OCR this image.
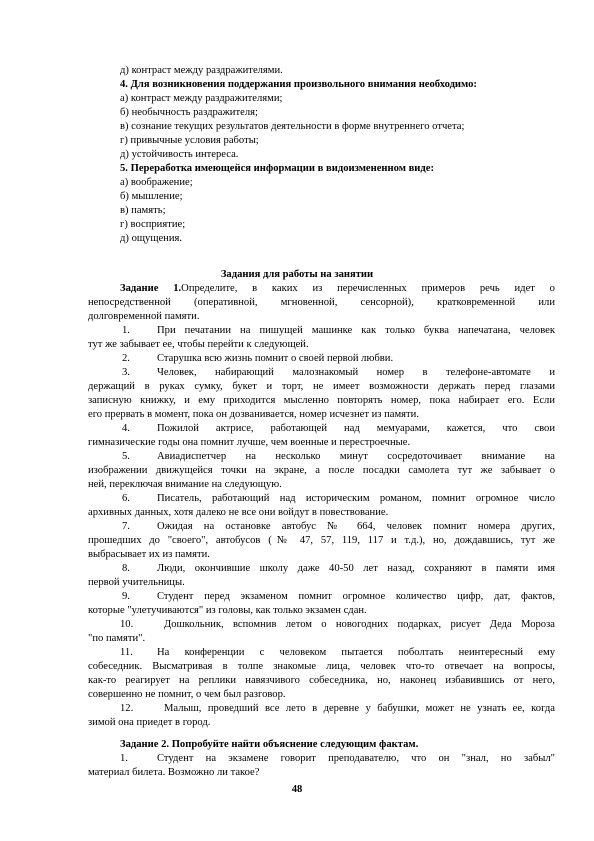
д) контраст между раздражителями.
4. Для возникновения поддержания произвольного внимания необходимо:
а) контраст между раздражителями;
б) необычность раздражителя;
в) сознание текущих результатов деятельности в форме внутреннего отчета;
г) привычные условия работы;
д) устойчивость интереса.
5. Переработка имеющейся информации в видоизмененном виде:
а) воображение;
б) мышление;
в) память;
г) восприятие;
д) ощущения.
Задания для работы на занятии
Задание 1.Определите, в каких из перечисленных примеров речь идет о
непосредственной (оперативной, мгновенной, сенсорной), кратковременной или
долговременной памяти.
1.	При печатании на пишущей машинке как только буква напечатана, человек
тут же забывает ее, чтобы перейти к следующей.
2.	Старушка всю жизнь помнит о своей первой любви.
3.	Человек, набирающий малознакомый номер в телефоне-автомате и
держащий в руках сумку, букет и торт, не имеет возможности держать перед глазами
записную книжку, и ему приходится мысленно повторять номер, пока набирает его. Если
его прервать в момент, пока он дозванивается, номер исчезнет из памяти.
4.	Пожилой актрисе, работающей над мемуарами, кажется, что свои
гимназические годы она помнит лучше, чем военные и перестроечные.
5.	Авиадиспетчер на несколько минут сосредоточивает внимание на
изображении движущейся точки на экране, а после посадки самолета тут же забывает о
ней, переключая внимание на следующую.
6.	Писатель, работающий над историческим романом, помнит огромное число
архивных данных, хотя далеко не все они войдут в повествование.
7.	Ожидая на остановке автобус № 664, человек помнит номера других,
прошедших до "своего", автобусов (№ 47, 57, 119, 117 и т.д.), но, дождавшись, тут же
выбрасывает их из памяти.
8.	Люди, окончившие школу даже 40-50 лет назад, сохраняют в памяти имя
первой учительницы.
9.	Студент перед экзаменом помнит огромное количество цифр, дат, фактов,
которые "улетучиваются" из головы, как только экзамен сдан.
10.	Дошкольник, вспомнив летом о новогодних подарках, рисует Деда Мороза
"по памяти".
11. На конференции с человеком пытается поболтать неинтересный ему
собеседник. Высматривая в толпе знакомые лица, человек что-то отвечает на вопросы,
как-то реагирует на реплики навязчивого собеседника, но, наконец избавившись от него,
совершенно не помнит, о чем был разговор.
12.	Малыш, проведший все лето в деревне у бабушки, может не узнать ее, когда
зимой она приедет в город.
Задание 2. Попробуйте найти объяснение следующим фактам.
1.	Студент на экзамене говорит преподавателю, что он "знал, но забыл"
материал билета. Возможно ли такое?
48
